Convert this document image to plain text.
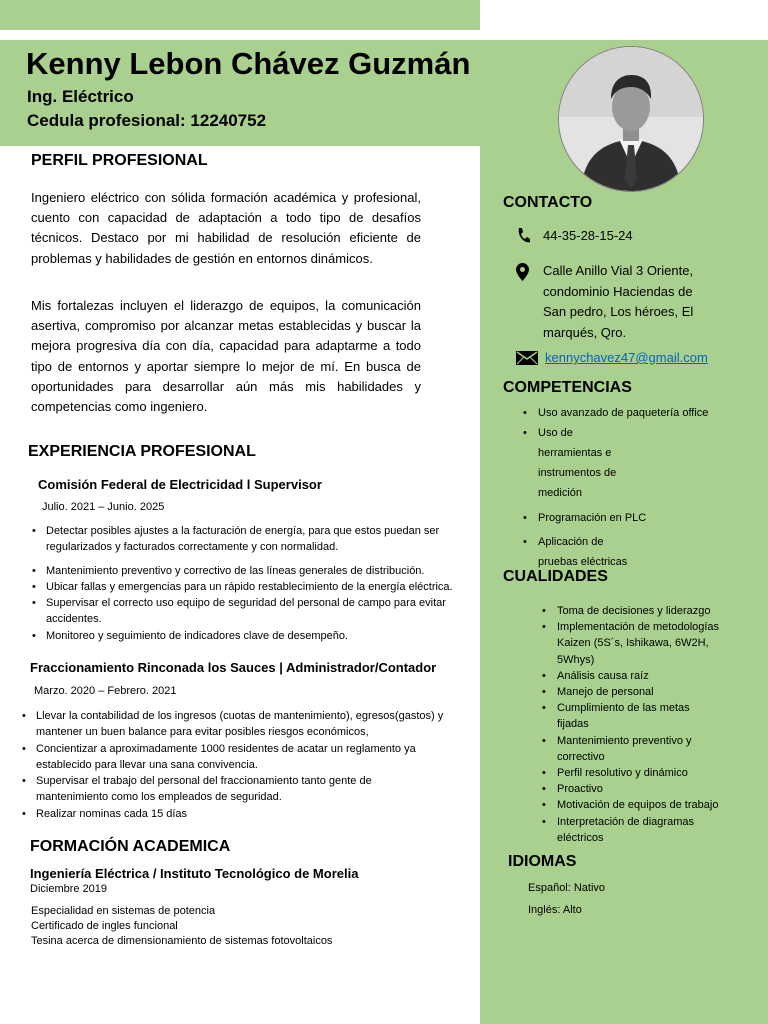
Kenny Lebon Chávez Guzmán
Ing. Eléctrico
Cedula profesional: 12240752
PERFIL PROFESIONAL

Ingeniero eléctrico con sólida formación académica y profesional, cuento con capacidad de adaptación a todo tipo de desafíos técnicos. Destaco por mi habilidad de resolución eficiente de problemas y habilidades de gestión en entornos dinámicos.

Mis fortalezas incluyen el liderazgo de equipos, la comunicación asertiva, compromiso por alcanzar metas establecidas y buscar la mejora progresiva día con día, capacidad para adaptarme a todo tipo de entornos y aportar siempre lo mejor de mí. En busca de oportunidades para desarrollar aún más mis habilidades y competencias como ingeniero.

EXPERIENCIA PROFESIONAL
Comisión Federal de Electricidad l Supervisor
Julio. 2021 – Junio. 2025
• Detectar posibles ajustes a la facturación de energía, para que estos puedan ser regularizados y facturados correctamente y con normalidad.
• Mantenimiento preventivo y correctivo de las líneas generales de distribución.
• Ubicar fallas y emergencias para un rápido restablecimiento de la energía eléctrica.
• Supervisar el correcto uso equipo de seguridad del personal de campo para evitar accidentes.
• Monitoreo y seguimiento de indicadores clave de desempeño.
Fraccionamiento Rinconada los Sauces | Administrador/Contador
Marzo. 2020 – Febrero. 2021
• Llevar la contabilidad de los ingresos (cuotas de mantenimiento), egresos(gastos) y mantener un buen balance para evitar posibles riesgos económicos,
• Concientizar a aproximadamente 1000 residentes de acatar un reglamento ya establecido para llevar una sana convivencia.
• Supervisar el trabajo del personal del fraccionamiento tanto gente de mantenimiento como los empleados de seguridad.
• Realizar nominas cada 15 días
FORMACIÓN ACADEMICA
Ingeniería Eléctrica / Instituto Tecnológico de Morelia
Diciembre 2019
Especialidad en sistemas de potencia
Certificado de ingles funcional
Tesina acerca de dimensionamiento de sistemas fotovoltaicos
CONTACTO
44-35-28-15-24
Calle Anillo Vial 3 Oriente,
condominio Haciendas de
San pedro, Los héroes, El
marqués, Qro.
kennychavez47@gmail.com
COMPETENCIAS
• Uso avanzado de paquetería office
• Uso de herramientas e instrumentos de medición
• Programación en PLC
• Aplicación de pruebas eléctricas
CUALIDADES
• Toma de decisiones y liderazgo
• Implementación de metodologías Kaizen (5S´s, Ishikawa, 6W2H, 5Whys)
• Análisis causa raíz
• Manejo de personal
• Cumplimiento de las metas fijadas
• Mantenimiento preventivo y correctivo
• Perfil resolutivo y dinámico
• Proactivo
• Motivación de equipos de trabajo
• Interpretación de diagramas eléctricos
IDIOMAS
Español: Nativo
Inglés: Alto
